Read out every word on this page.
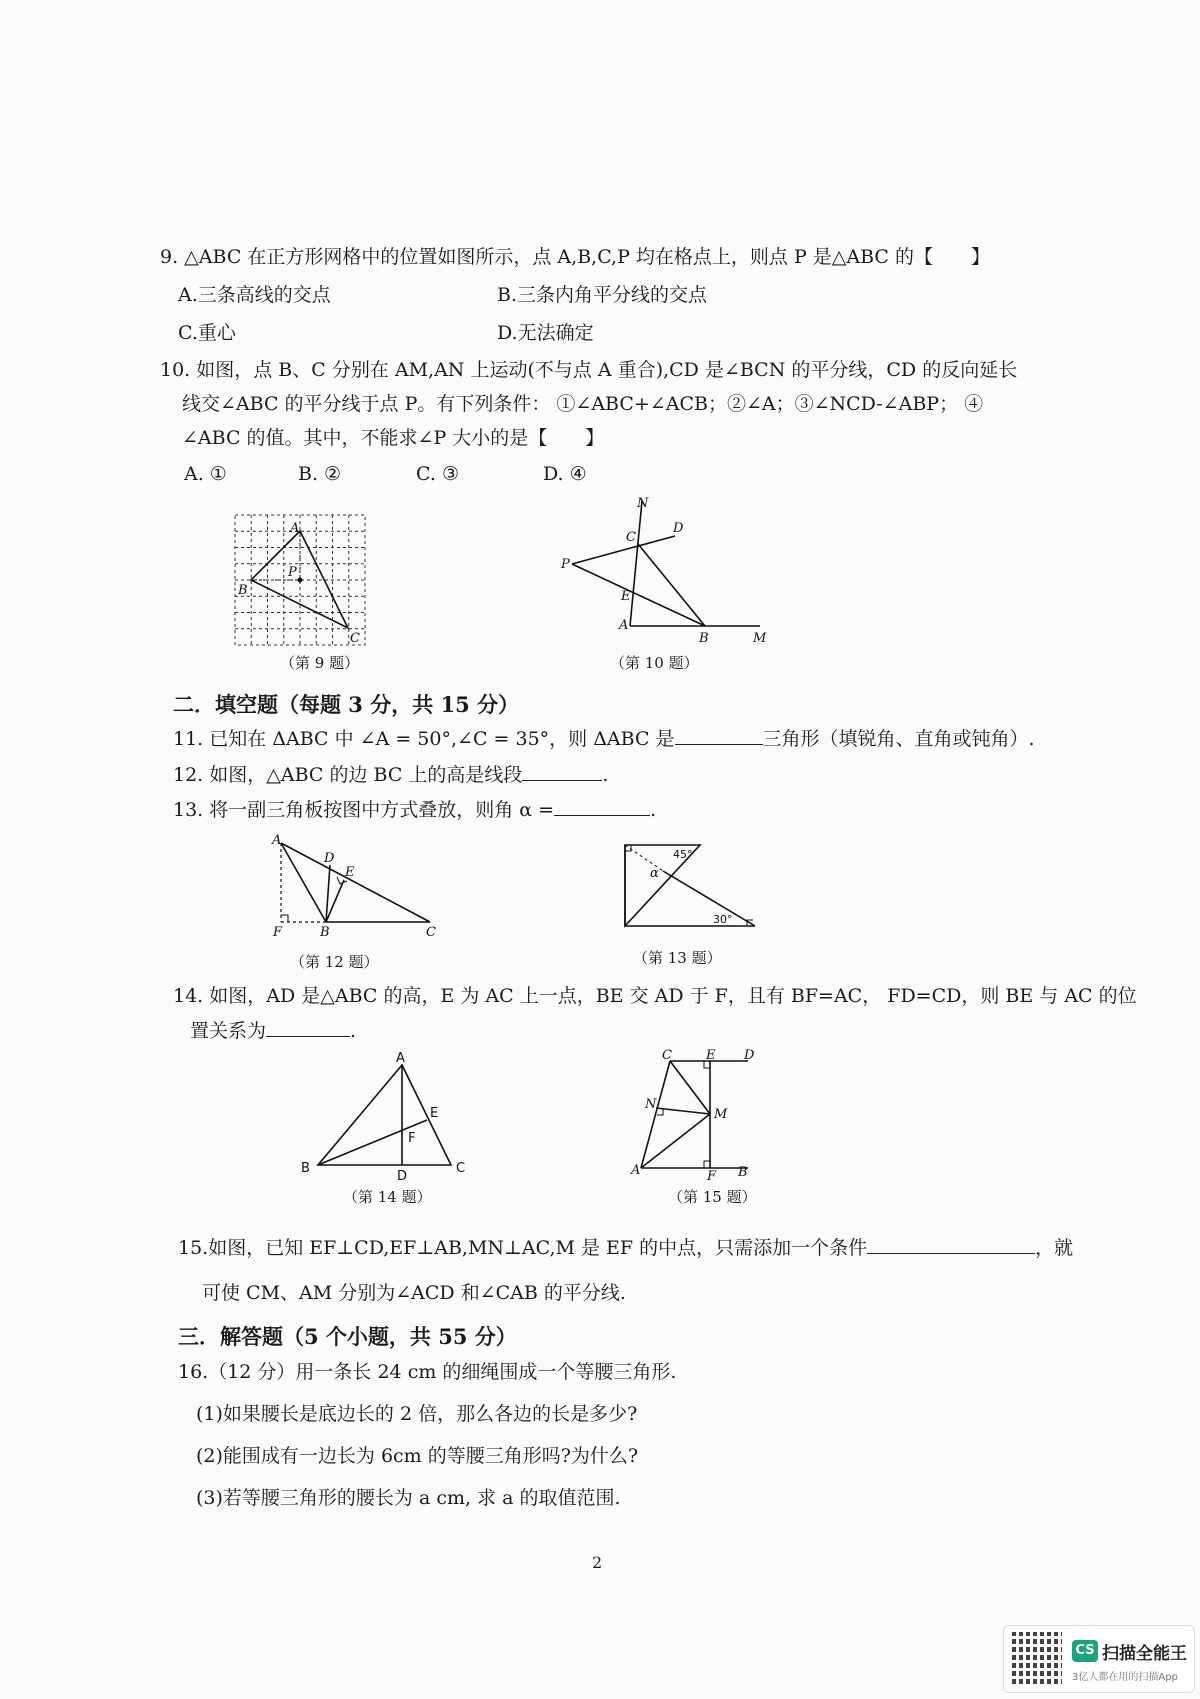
9. △ABC 在正方形网格中的位置如图所示，点 A,B,C,P 均在格点上，则点 P 是△ABC 的【　　】
A.三条高线的交点	B.三条内角平分线的交点
C.重心	D.无法确定
10. 如图，点 B、C 分别在 AM,AN 上运动(不与点 A 重合),CD 是∠BCN 的平分线，CD 的反向延长
线交∠ABC 的平分线于点 P。有下列条件： ①∠ABC+∠ACB；②∠A；③∠NCD-∠ABP； ④
∠ABC 的值。其中，不能求∠P 大小的是【　　】
A. ①	B. ②	C. ③	D. ④
A
B
C
P
（第 9 题）
N
D
C
P
E
A
B	M
（第 10 题）
二．填空题（每题 3 分，共 15 分）
11. 已知在 ΔABC 中 ∠A = 50°,∠C = 35°，则 ΔABC 是	三角形（填锐角、直角或钝角）.
12. 如图，△ABC 的边 BC 上的高是线段	.
13. 将一副三角板按图中方式叠放，则角 α =	.
A
D
E
F	B	C
（第 12 题）
45°
α
30°
（第 13 题）
14. 如图，AD 是△ABC 的高，E 为 AC 上一点，BE 交 AD 于 F，且有 BF=AC， FD=CD，则 BE 与 AC 的位
置关系为	.
A
B	C
D
E
F
（第 14 题）
C	E D
N
M
A	F B
（第 15 题）
15.如图，已知 EF⊥CD,EF⊥AB,MN⊥AC,M 是 EF 的中点，只需添加一个条件	，就
可使 CM、AM 分别为∠ACD 和∠CAB 的平分线.
三．解答题（5 个小题，共 55 分）
16.（12 分）用一条长 24 cm 的细绳围成一个等腰三角形.
(1)如果腰长是底边长的 2 倍，那么各边的长是多少?
(2)能围成有一边长为 6cm 的等腰三角形吗?为什么?
(3)若等腰三角形的腰长为 a cm, 求 a 的取值范围.
2
CS 扫描全能王
3亿人都在用的扫描App
